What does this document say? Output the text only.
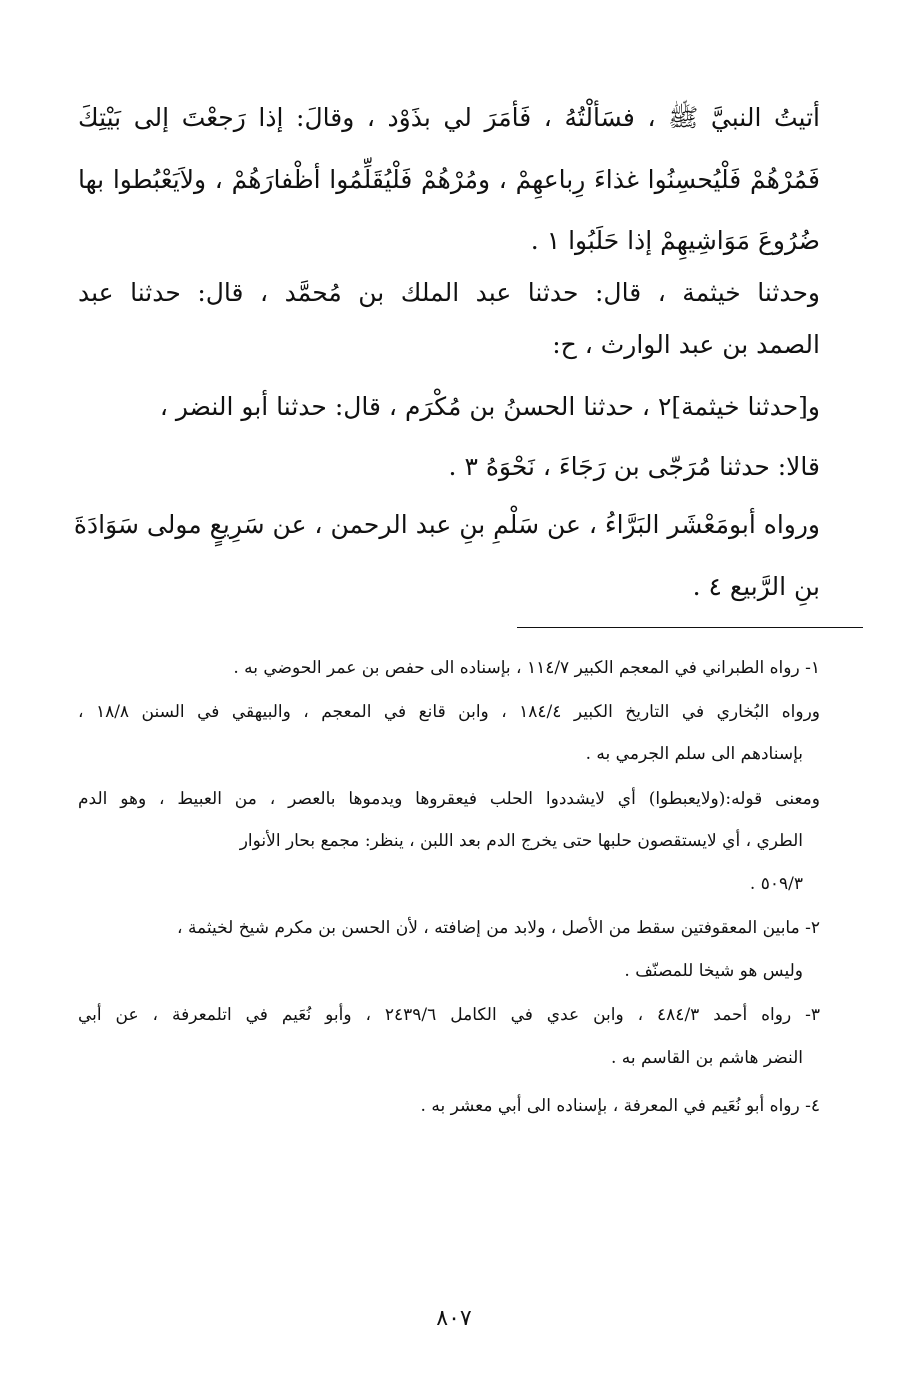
أتيتُ النبيَّ ﷺ ، فسَألْتُهُ ، فَأمَرَ لي بذَوْد ، وقالَ: إذا رَجعْتَ إلى بَيْتِكَ
فَمُرْهُمْ فَلْيُحسِنُوا غذاءَ رِباعهِمْ ، ومُرْهُمْ فَلْيُقَلِّمُوا أظْفارَهُمْ ، ولاَيَعْبُطوا بها
ضُرُوعَ مَوَاشِيهِمْ إذا حَلَبُوا ١ .
وحدثنا خيثمة ، قال: حدثنا عبد الملك بن مُحمَّد ، قال: حدثنا عبد
الصمد بن عبد الوارث ، ح:
و[حدثنا خيثمة]٢ ، حدثنا الحسنُ بن مُكْرَم ، قال: حدثنا أبو النضر ،
قالا: حدثنا مُرَجّى بن رَجَاءَ ، نَحْوَهُ ٣ .
ورواه أبومَعْشَر البَرَّاءُ ، عن سَلْمِ بنِ عبد الرحمن ، عن سَرِيعٍ مولى سَوَادَةَ
بنِ الرَّبيع ٤ .
١- رواه الطبراني في المعجم الكبير ١١٤/٧ ، بإسناده الى حفص بن عمر الحوضي به .
ورواه البُخاري في التاريخ الكبير ١٨٤/٤ ، وابن قانع في المعجم ، والبيهقي في السنن ١٨/٨ ،
بإسنادهم الى سلم الجرمي به .
ومعنى قوله:(ولايعبطوا) أي لايشددوا الحلب فيعقروها ويدموها بالعصر ، من العبيط ، وهو الدم
الطري ، أي لايستقصون حلبها حتى يخرج الدم بعد اللبن ، ينظر: مجمع بحار الأنوار
٥٠٩/٣ .
٢- مابين المعقوفتين سقط من الأصل ، ولابد من إضافته ، لأن الحسن بن مكرم شيخ لخيثمة ،
وليس هو شيخا للمصنّف .
٣- رواه أحمد ٤٨٤/٣ ، وابن عدي في الكامل ٢٤٣٩/٦ ، وأبو نُعَيم في اتلمعرفة ، عن أبي
النضر هاشم بن القاسم به .
٤- رواه أبو نُعَيم في المعرفة ، بإسناده الى أبي معشر به .
٨٠٧
